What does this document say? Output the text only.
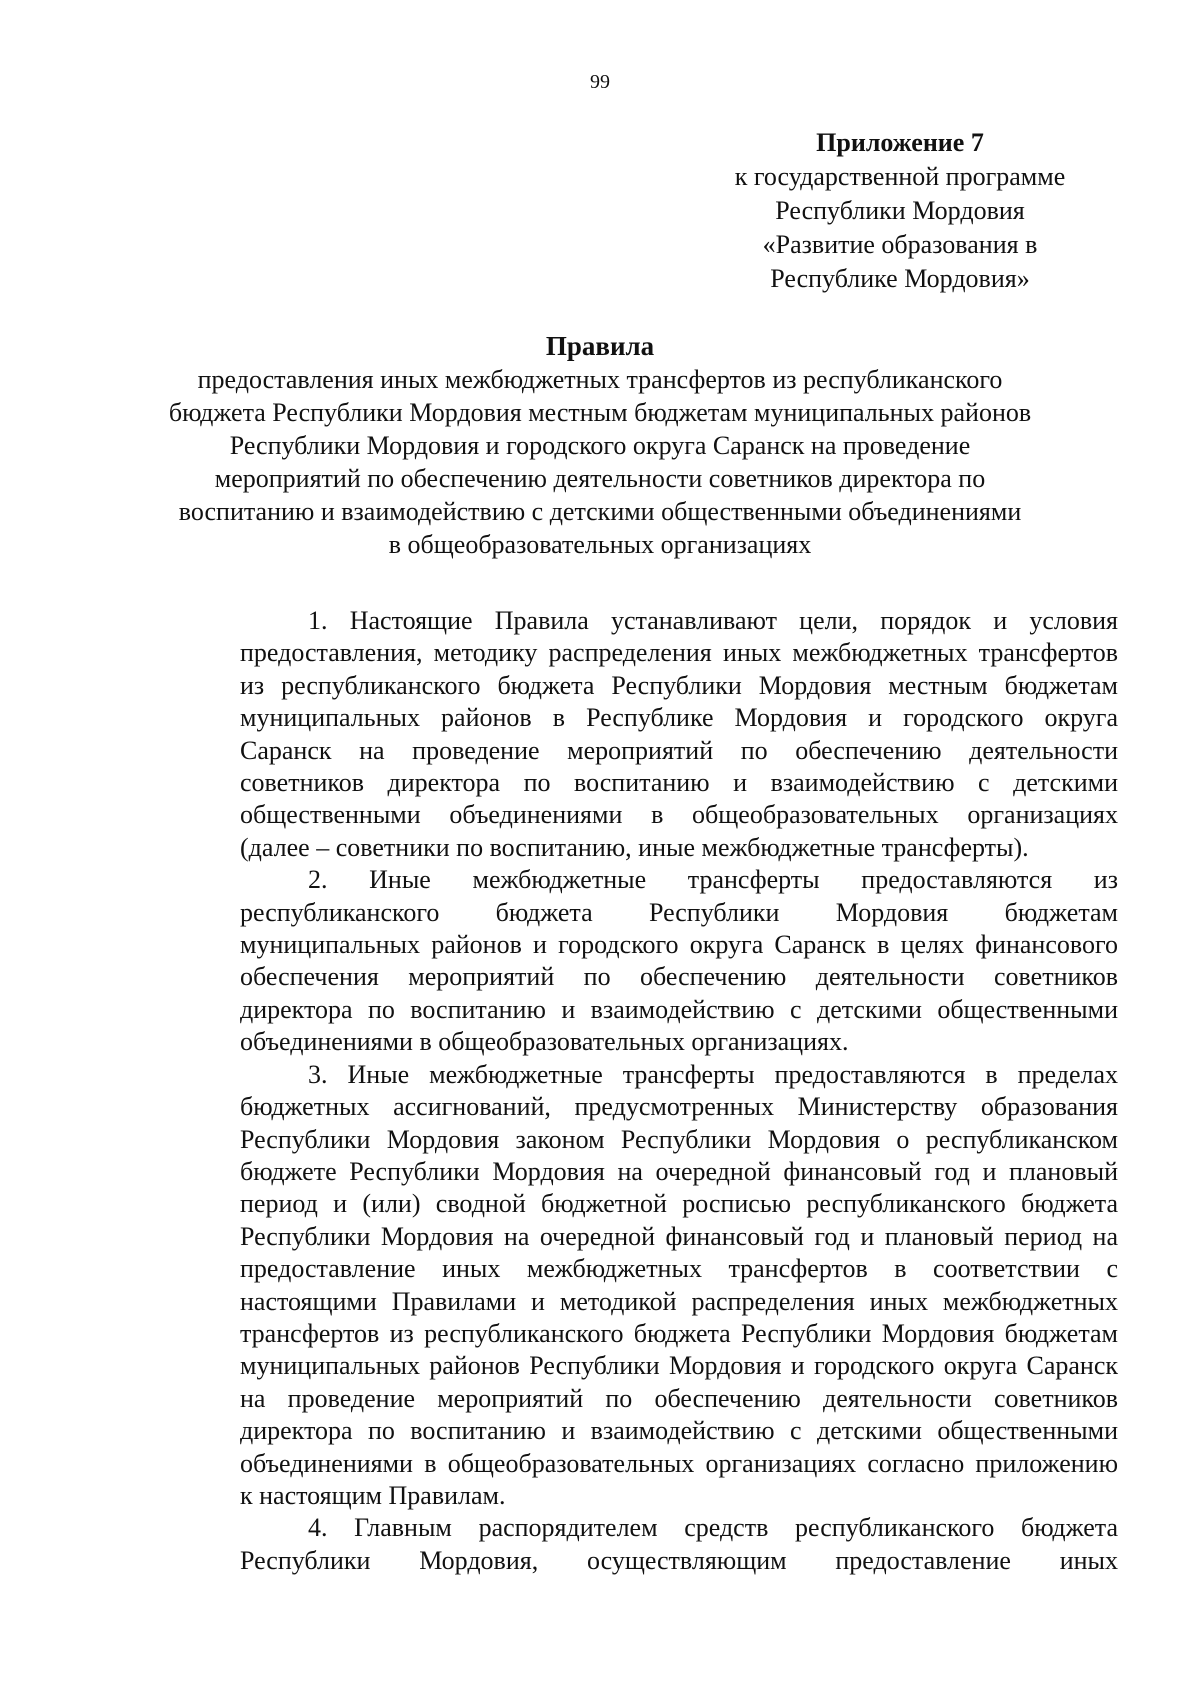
99
Приложение 7
к государственной программе
Республики Мордовия
«Развитие образования в
Республике Мордовия»
Правила
предоставления иных межбюджетных трансфертов из республиканского
бюджета Республики Мордовия местным бюджетам муниципальных районов
Республики Мордовия и городского округа Саранск на проведение
мероприятий по обеспечению деятельности советников директора по
воспитанию и взаимодействию с детскими общественными объединениями
в общеобразовательных организациях
1. Настоящие Правила устанавливают цели, порядок и условия
предоставления, методику распределения иных межбюджетных трансфертов
из республиканского бюджета Республики Мордовия местным бюджетам
муниципальных районов в Республике Мордовия и городского округа
Саранск на проведение мероприятий по обеспечению деятельности
советников директора по воспитанию и взаимодействию с детскими
общественными объединениями в общеобразовательных организациях
(далее – советники по воспитанию, иные межбюджетные трансферты).
2. Иные межбюджетные трансферты предоставляются из
республиканского бюджета Республики Мордовия бюджетам
муниципальных районов и городского округа Саранск в целях финансового
обеспечения мероприятий по обеспечению деятельности советников
директора по воспитанию и взаимодействию с детскими общественными
объединениями в общеобразовательных организациях.
3. Иные межбюджетные трансферты предоставляются в пределах
бюджетных ассигнований, предусмотренных Министерству образования
Республики Мордовия законом Республики Мордовия о республиканском
бюджете Республики Мордовия на очередной финансовый год и плановый
период и (или) сводной бюджетной росписью республиканского бюджета
Республики Мордовия на очередной финансовый год и плановый период на
предоставление иных межбюджетных трансфертов в соответствии с
настоящими Правилами и методикой распределения иных межбюджетных
трансфертов из республиканского бюджета Республики Мордовия бюджетам
муниципальных районов Республики Мордовия и городского округа Саранск
на проведение мероприятий по обеспечению деятельности советников
директора по воспитанию и взаимодействию с детскими общественными
объединениями в общеобразовательных организациях согласно приложению
к настоящим Правилам.
4. Главным распорядителем средств республиканского бюджета
Республики Мордовия, осуществляющим предоставление иных
